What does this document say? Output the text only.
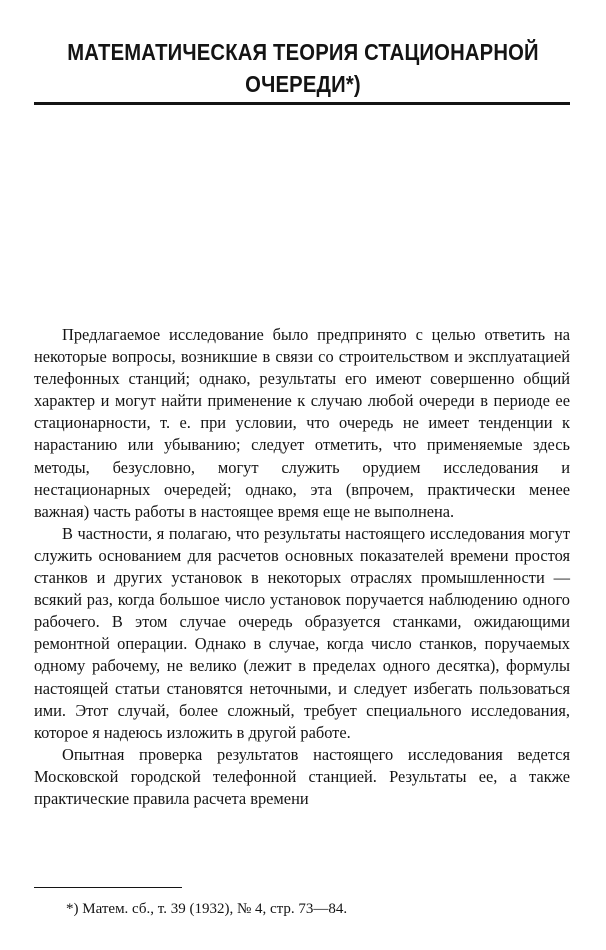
МАТЕМАТИЧЕСКАЯ ТЕОРИЯ СТАЦИОНАРНОЙ ОЧЕРЕДИ*)

Предлагаемое исследование было предпринято с целью ответить на некоторые вопросы, возникшие в связи со строительством и эксплуатацией телефонных станций; однако, результаты его имеют совершенно общий характер и могут найти применение к случаю любой очереди в периоде ее стационарности, т. е. при условии, что очередь не имеет тенденции к нарастанию или убыванию; следует отметить, что применяемые здесь методы, безусловно, могут служить орудием исследования и нестационарных очередей; однако, эта (впрочем, практически менее важная) часть работы в настоящее время еще не выполнена.

В частности, я полагаю, что результаты настоящего исследования могут служить основанием для расчетов основных показателей времени простоя станков и других установок в некоторых отраслях промышленности — всякий раз, когда большое число установок поручается наблюдению одного рабочего. В этом случае очередь образуется станками, ожидающими ремонтной операции. Однако в случае, когда число станков, поручаемых одному рабочему, не велико (лежит в пределах одного десятка), формулы настоящей статьи становятся неточными, и следует избегать пользоваться ими. Этот случай, более сложный, требует специального исследования, которое я надеюсь изложить в другой работе.

Опытная проверка результатов настоящего исследования ведется Московской городской телефонной станцией. Результаты ее, а также практические правила расчета времени

*) Матем. сб., т. 39 (1932), № 4, стр. 73—84.
